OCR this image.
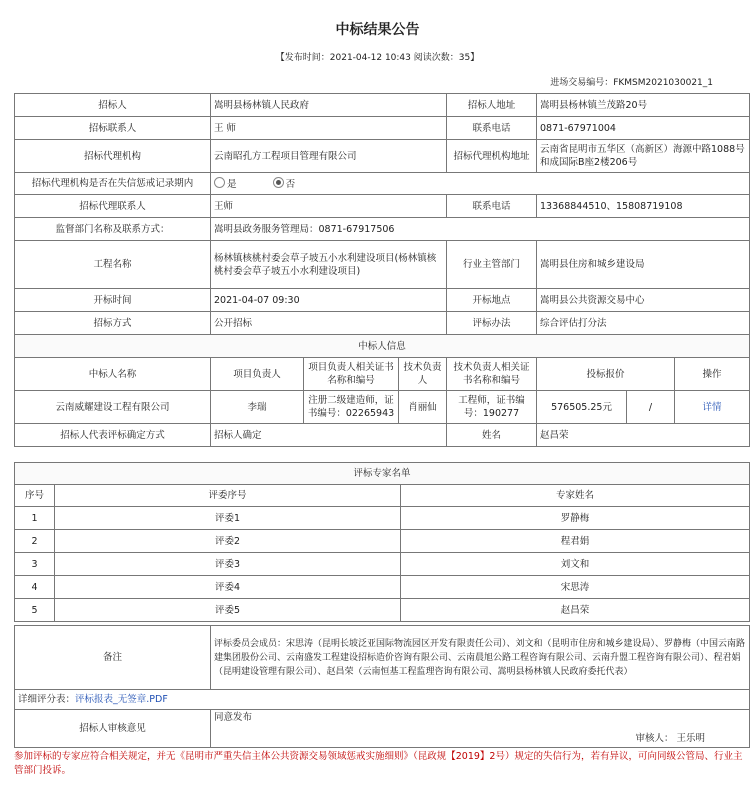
中标结果公告
【发布时间：2021-04-12 10:43 阅读次数：35】
进场交易编号：FKMSM2021030021_1
招标人	嵩明县杨林镇人民政府			招标人地址	嵩明县杨林镇兰茂路20号		
招标联系人	王 师			联系电话	0871-67971004		
招标代理机构	云南昭孔方工程项目管理有限公司			招标代理机构地址	云南省昆明市五华区（高新区）海源中路1088号和成国际B座2楼206号		
招标代理机构是否在失信惩戒记录期内	是 否						
招标代理联系人	王师			联系电话	13368844510、15808719108		
监督部门名称及联系方式：	嵩明县政务服务管理局：0871-67917506						
工程名称	杨林镇核桃村委会草子坡五小水利建设项目(杨林镇核桃村委会草子坡五小水利建设项目)			行业主管部门	嵩明县住房和城乡建设局		
开标时间	2021-04-07 09:30			开标地点	嵩明县公共资源交易中心		
招标方式	公开招标			评标办法	综合评估打分法		
中标人信息							
中标人名称	项目负责人	项目负责人相关证书名称和编号	技术负责人	技术负责人相关证书名称和编号	投标报价		操作
云南威耀建设工程有限公司	李瑞	注册二级建造师，证书编号：02265943	肖丽仙	工程师，证书编号：190277	576505.25元	/	详情
招标人代表评标确定方式	招标人确定			姓名	赵昌荣		
评标专家名单		
序号	评委序号	专家姓名
1	评委1	罗静梅
2	评委2	程君娟
3	评委3	刘文和
4	评委4	宋思涛
5	评委5	赵昌荣
备注	评标委员会成员：宋思涛（昆明长坡泛亚国际物流园区开发有限责任公司）、刘文和（昆明市住房和城乡建设局）、罗静梅（中国云南路建集团股份公司、云南盛发工程建设招标造价咨询有限公司、云南晨旭公路工程咨询有限公司、云南升盟工程咨询有限公司）、程君娟（昆明建设管理有限公司）、赵昌荣（云南恒基工程监理咨询有限公司、嵩明县杨林镇人民政府委托代表）
详细评分表：评标报表_无签章.PDF	
招标人审核意见	同意发布
审核人： 王乐明
参加评标的专家应符合相关规定，并无《昆明市严重失信主体公共资源交易领域惩戒实施细则》（昆政规【2019】2号）规定的失信行为，若有异议，可向同级公管局、行业主管部门投诉。
